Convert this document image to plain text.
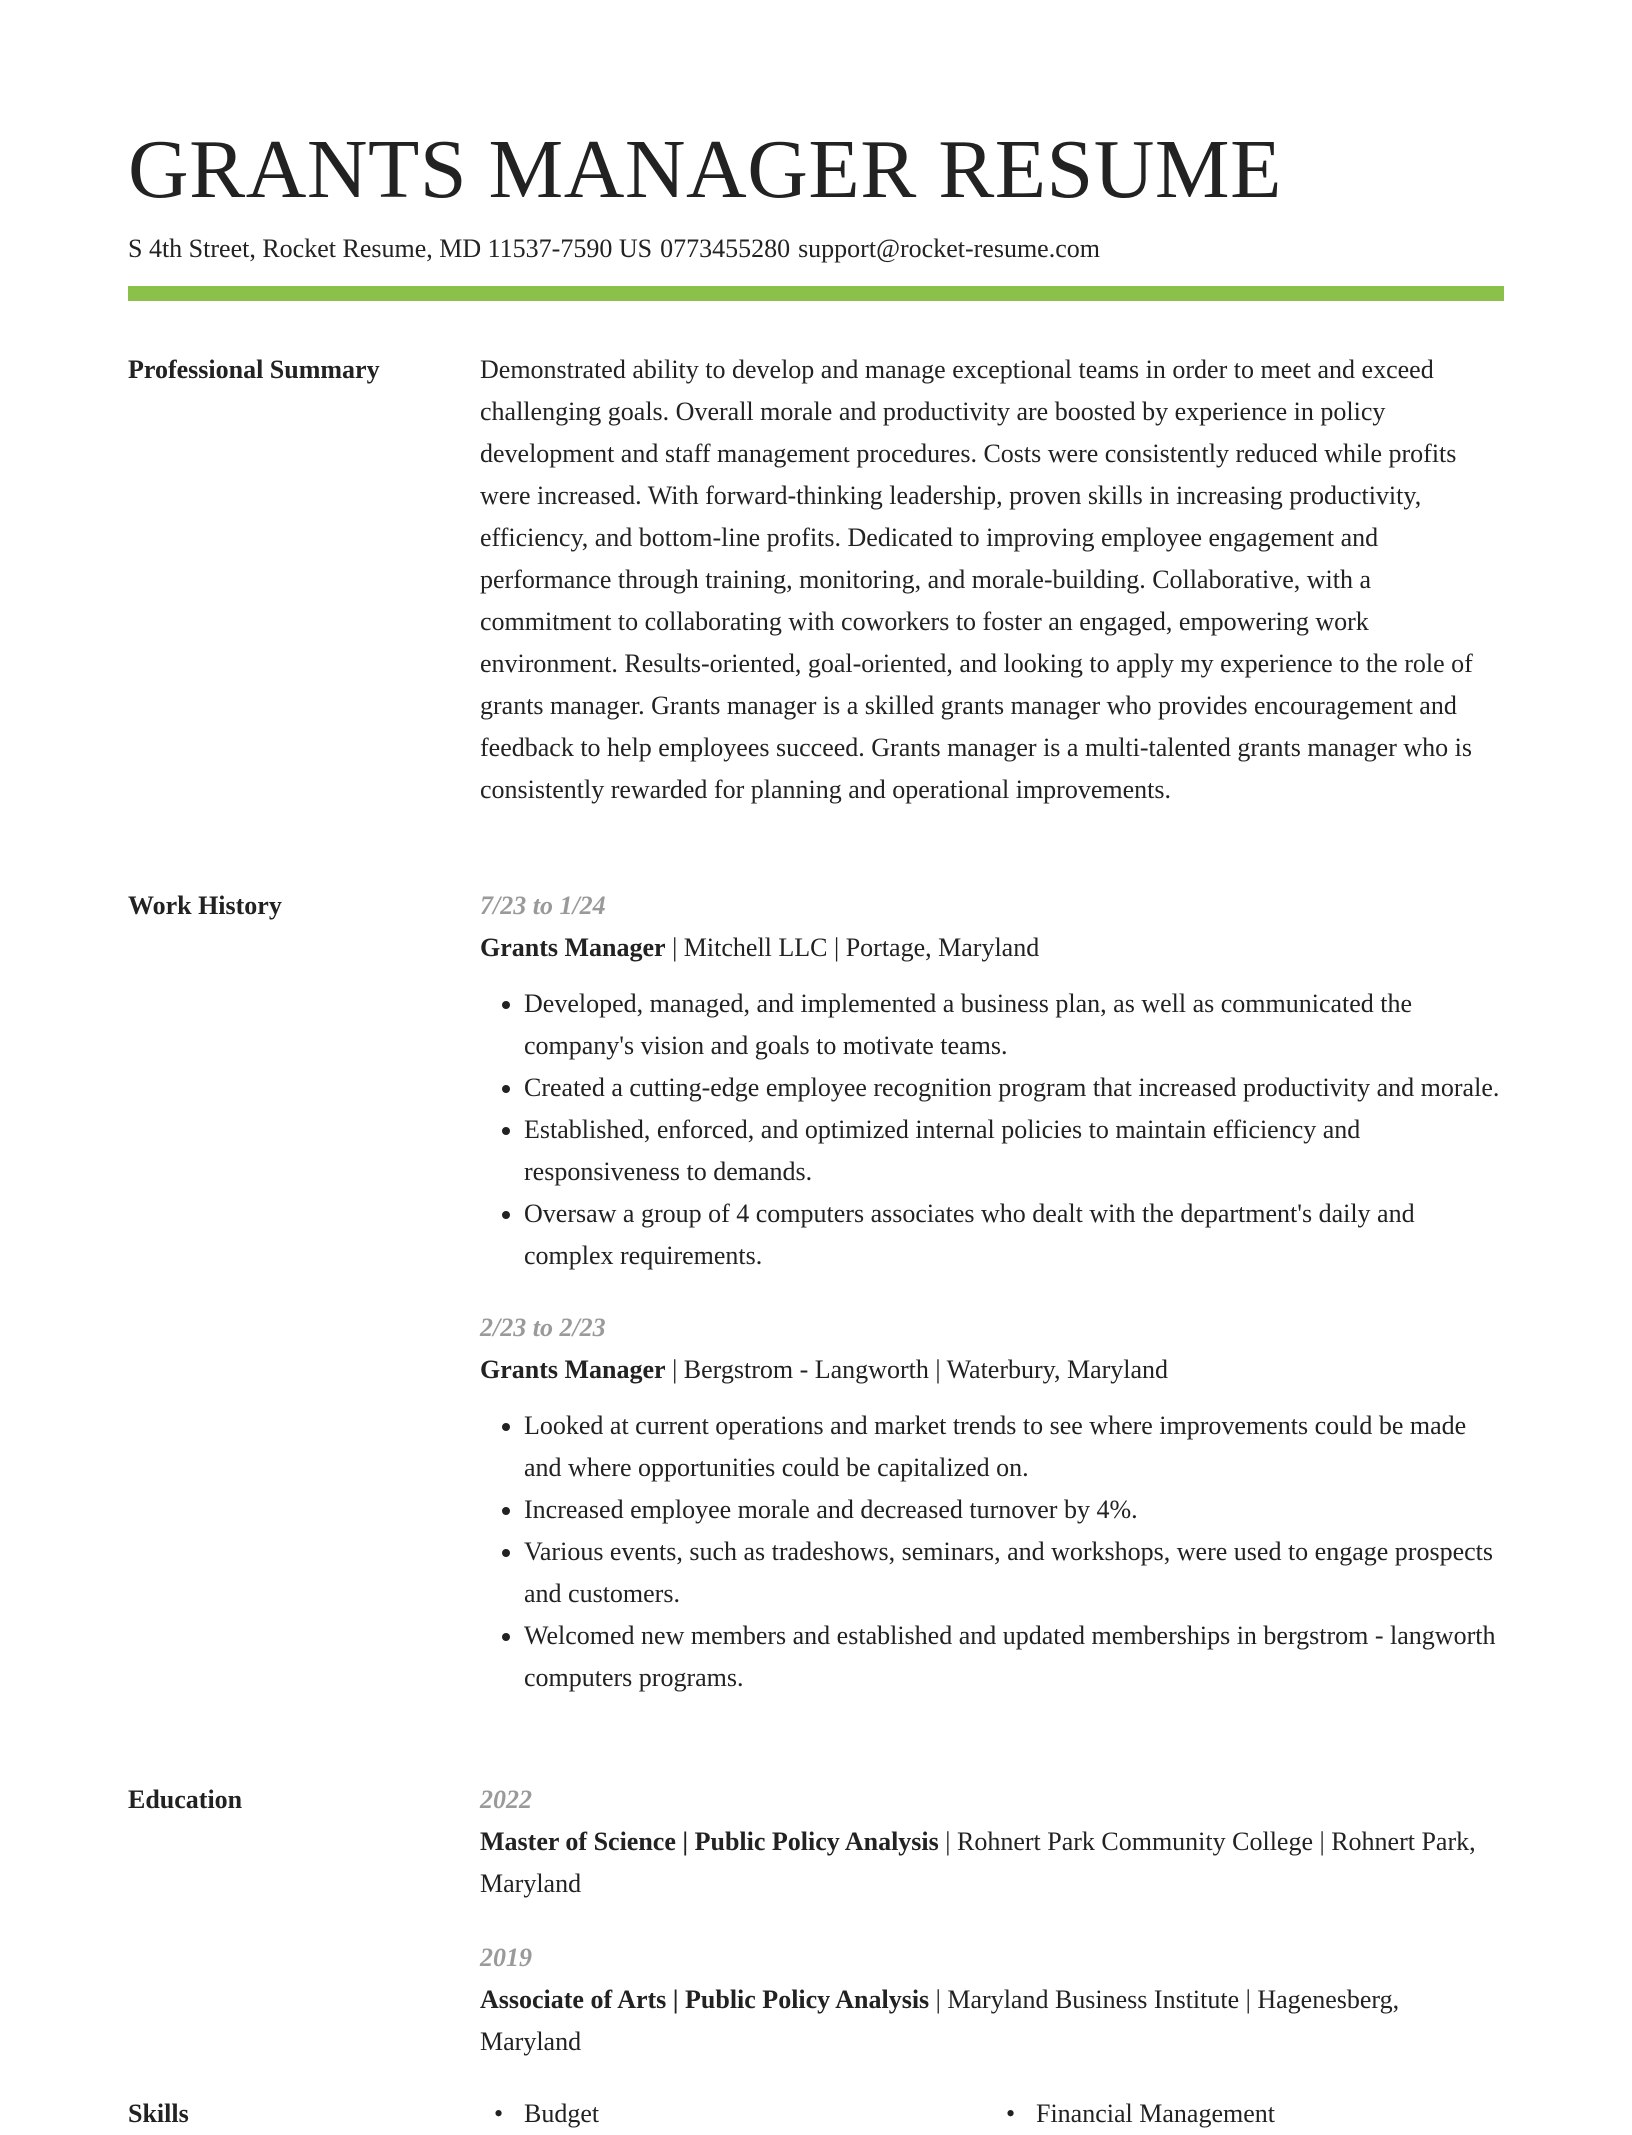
GRANTS MANAGER RESUME
S 4th Street, Rocket Resume, MD 11537-7590 US 0773455280 support@rocket-resume.com
Professional Summary	Demonstrated ability to develop and manage exceptional teams in order to meet and exceed challenging goals. Overall morale and productivity are boosted by experience in policy development and staff management procedures. Costs were consistently reduced while profits were increased. With forward-thinking leadership, proven skills in increasing productivity, efficiency, and bottom-line profits. Dedicated to improving employee engagement and performance through training, monitoring, and morale-building. Collaborative, with a commitment to collaborating with coworkers to foster an engaged, empowering work environment. Results-oriented, goal-oriented, and looking to apply my experience to the role of grants manager. Grants manager is a skilled grants manager who provides encouragement and feedback to help employees succeed. Grants manager is a multi-talented grants manager who is consistently rewarded for planning and operational improvements.

Work History	7/23 to 1/24
Grants Manager | Mitchell LLC | Portage, Maryland
• Developed, managed, and implemented a business plan, as well as communicated the company's vision and goals to motivate teams.
• Created a cutting-edge employee recognition program that increased productivity and morale.
• Established, enforced, and optimized internal policies to maintain efficiency and responsiveness to demands.
• Oversaw a group of 4 computers associates who dealt with the department's daily and complex requirements.
2/23 to 2/23
Grants Manager | Bergstrom - Langworth | Waterbury, Maryland
• Looked at current operations and market trends to see where improvements could be made and where opportunities could be capitalized on.
• Increased employee morale and decreased turnover by 4%.
• Various events, such as tradeshows, seminars, and workshops, were used to engage prospects and customers.
• Welcomed new members and established and updated memberships in bergstrom - langworth computers programs.
Education	2022
Master of Science | Public Policy Analysis | Rohnert Park Community College | Rohnert Park, Maryland
2019
Associate of Arts | Public Policy Analysis | Maryland Business Institute | Hagenesberg, Maryland
Skills	• Budget	• Financial Management
